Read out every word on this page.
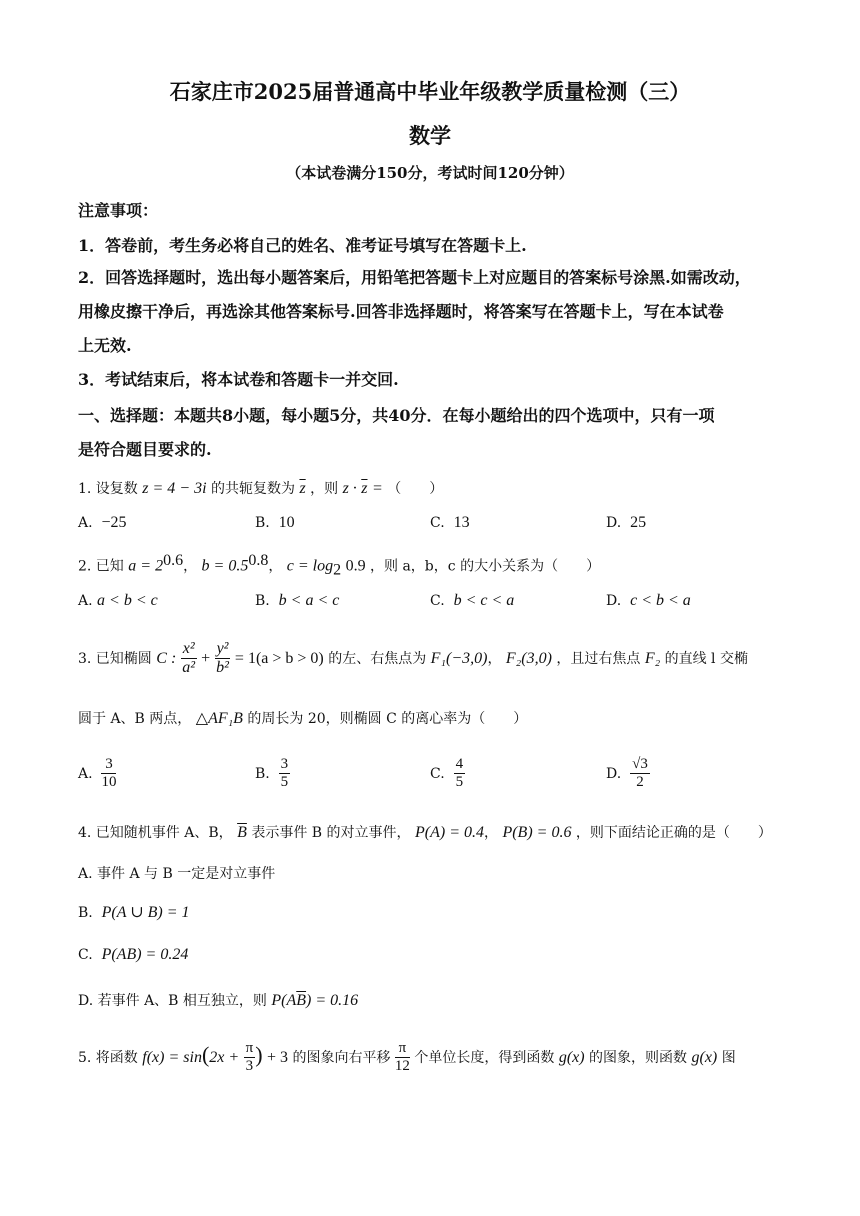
石家庄市2025届普通高中毕业年级教学质量检测（三）
数学
（本试卷满分150分，考试时间120分钟）
注意事项：
1．答卷前，考生务必将自己的姓名、准考证号填写在答题卡上.
2．回答选择题时，选出每小题答案后，用铅笔把答题卡上对应题目的答案标号涂黑.如需改动，
用橡皮擦干净后，再选涂其他答案标号.回答非选择题时，将答案写在答题卡上，写在本试卷
上无效.
3．考试结束后，将本试卷和答题卡一并交回.
一、选择题：本题共8小题，每小题5分，共40分．在每小题给出的四个选项中，只有一项
是符合题目要求的.
1. 设复数 z = 4 − 3i 的共轭复数为 $\overline{z}$ ，则 $z \cdot \overline{z}$ = （　　）
A. −25	B. 10	C. 13	D. 25
2. 已知 $a = 2^{0.6}$， $b = 0.5^{0.8}$， $c = \log_2 0.9$ ，则 a，b，c 的大小关系为（　　）
A. a < b < c	B. b < a < c	C. b < c < a	D. c < b < a
3. 已知椭圆 C : $\frac{\text{x²}}{\text{a²}} + \frac{\text{y²}}{\text{b²}} = 1(a > b > 0)$ 的左、右焦点为 F₁(−3,0)， F₂(3,0) ，且过右焦点 F₂ 的直线 l 交椭
圆于 A、B 两点， △AF₁B 的周长为 20，则椭圆 C 的离心率为（　　）
A. $\frac{3}{10}$	B. $\frac{3}{5}$	C. $\frac{4}{5}$	D. $\frac{√3}{2}$
4. 已知随机事件 A、B， $\overline{B}$ 表示事件 B 的对立事件， P(A) = 0.4， P(B) = 0.6 ，则下面结论正确的是（　　）
A. 事件 A 与 B 一定是对立事件
B. P(A ∪ B) = 1
C. P(AB) = 0.24
D. 若事件 A、B 相互独立，则 $P(A\overline{B}) = 0.16$
5. 将函数 $f(x) = \sin(2x + \frac{\pi}{3}$ ) + 3 的图象向右平移 $\frac{\pi}{12}$ 个单位长度，得到函数 g(x) 的图象，则函数 g(x) 图
